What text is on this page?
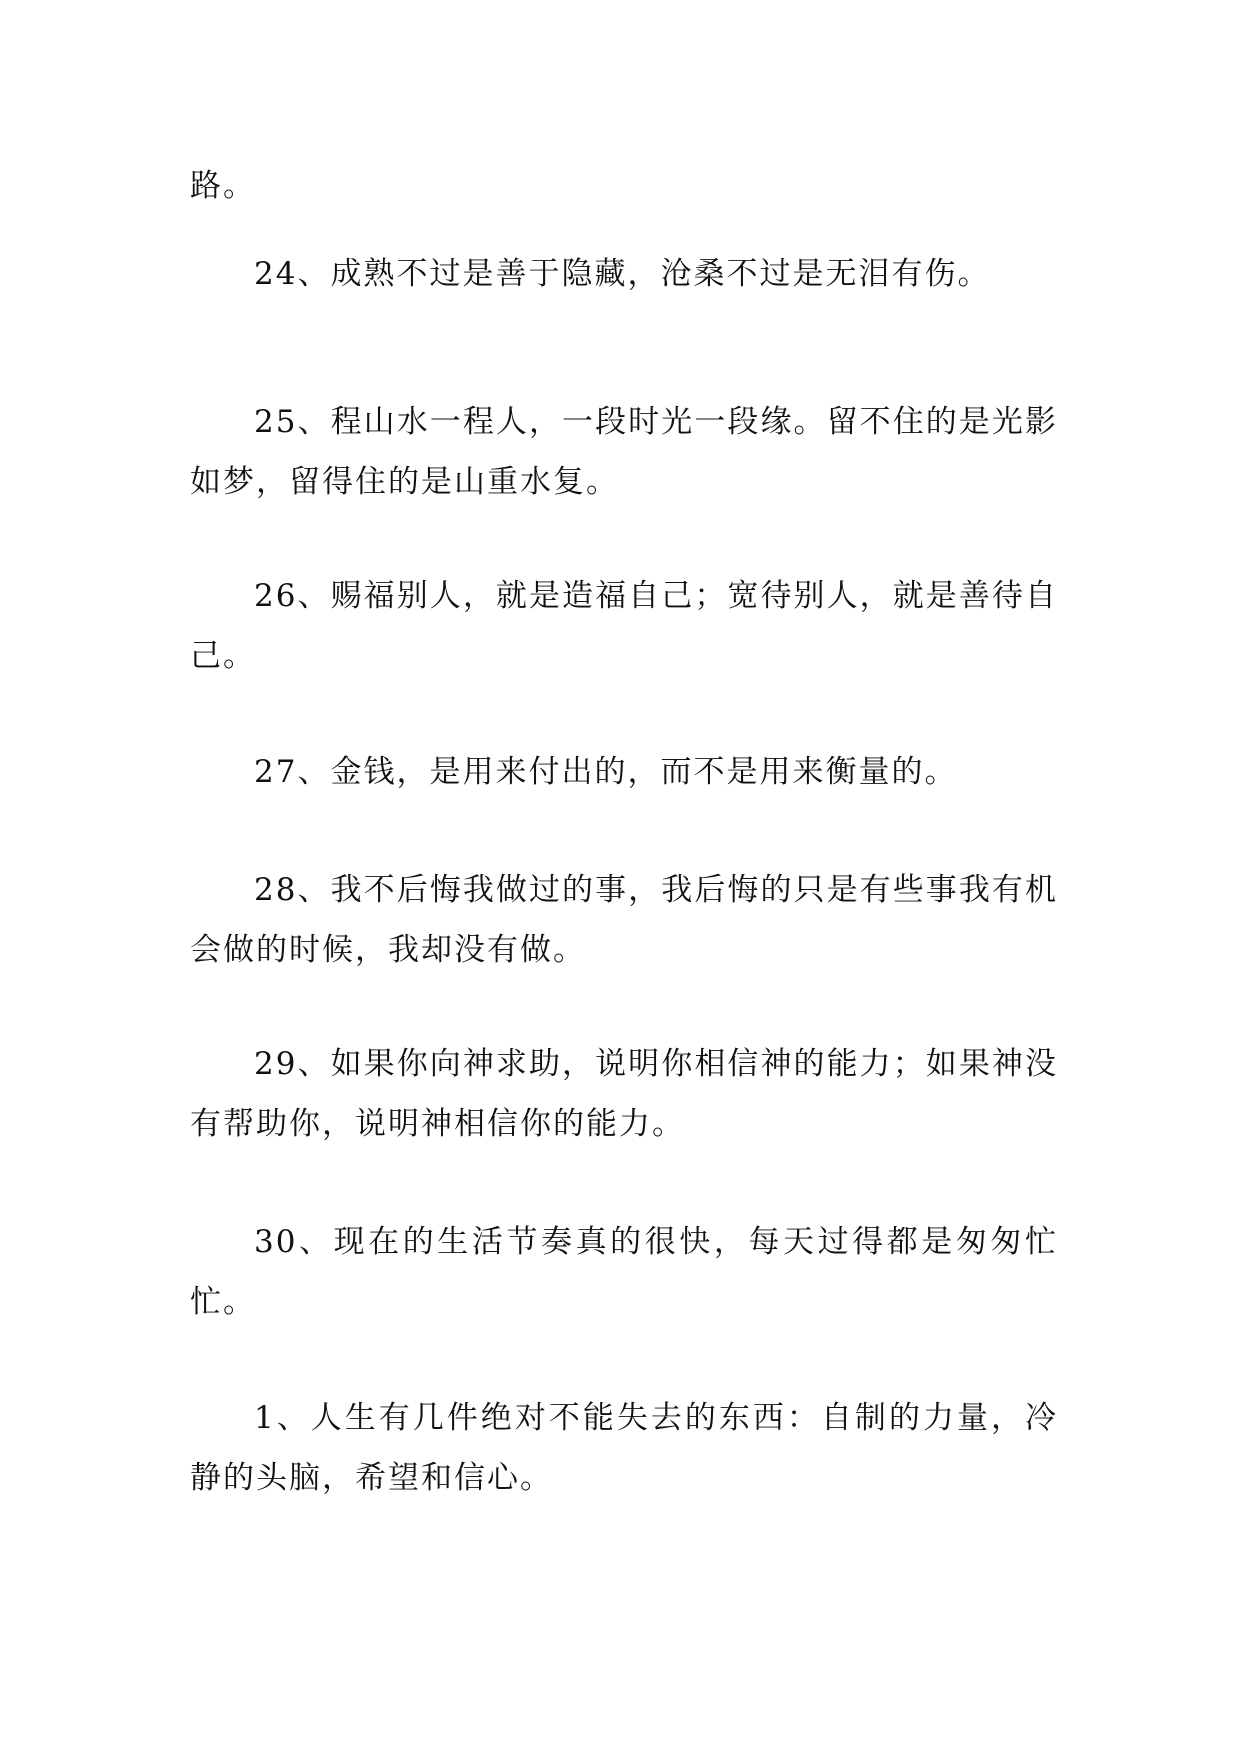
路。

24、成熟不过是善于隐藏，沧桑不过是无泪有伤。

25、程山水一程人，一段时光一段缘。留不住的是光影如梦，留得住的是山重水复。

26、赐福别人，就是造福自己；宽待别人，就是善待自己。

27、金钱，是用来付出的，而不是用来衡量的。

28、我不后悔我做过的事，我后悔的只是有些事我有机会做的时候，我却没有做。

29、如果你向神求助，说明你相信神的能力；如果神没有帮助你，说明神相信你的能力。

30、现在的生活节奏真的很快，每天过得都是匆匆忙忙。

1、人生有几件绝对不能失去的东西：自制的力量，冷静的头脑，希望和信心。
